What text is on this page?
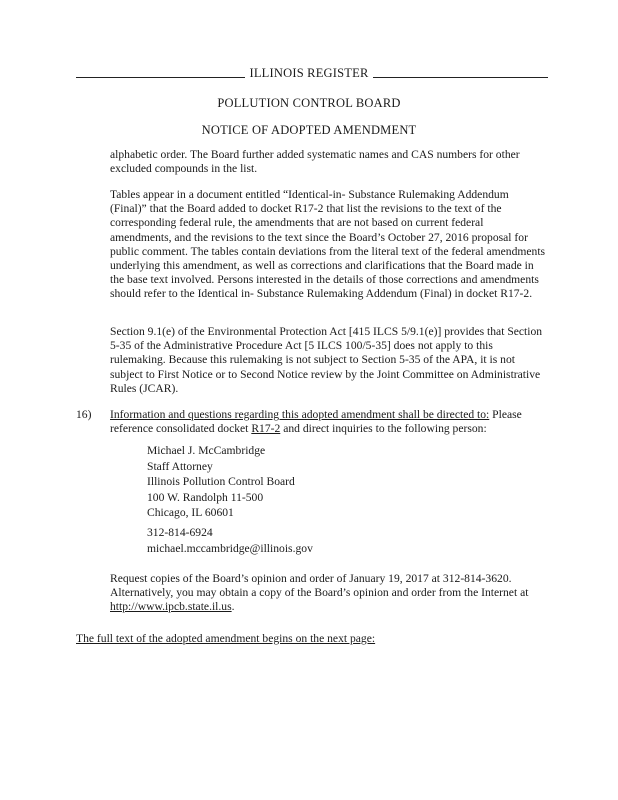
ILLINOIS REGISTER
POLLUTION CONTROL BOARD
NOTICE OF ADOPTED AMENDMENT

alphabetic order. The Board further added systematic names and CAS numbers for other excluded compounds in the list.

Tables appear in a document entitled “Identical-in- Substance Rulemaking Addendum (Final)” that the Board added to docket R17-2 that list the revisions to the text of the corresponding federal rule, the amendments that are not based on current federal amendments, and the revisions to the text since the Board’s October 27, 2016 proposal for public comment. The tables contain deviations from the literal text of the federal amendments underlying this amendment, as well as corrections and clarifications that the Board made in the base text involved. Persons interested in the details of those corrections and amendments should refer to the Identical in- Substance Rulemaking Addendum (Final) in docket R17-2.

Section 9.1(e) of the Environmental Protection Act [415 ILCS 5/9.1(e)] provides that Section 5-35 of the Administrative Procedure Act [5 ILCS 100/5-35] does not apply to this rulemaking. Because this rulemaking is not subject to Section 5-35 of the APA, it is not subject to First Notice or to Second Notice review by the Joint Committee on Administrative Rules (JCAR).

16) Information and questions regarding this adopted amendment shall be directed to: Please reference consolidated docket R17-2 and direct inquiries to the following person:

Michael J. McCambridge
Staff Attorney
Illinois Pollution Control Board
100 W. Randolph 11-500
Chicago, IL 60601
312-814-6924
michael.mccambridge@illinois.gov

Request copies of the Board’s opinion and order of January 19, 2017 at 312-814-3620. Alternatively, you may obtain a copy of the Board’s opinion and order from the Internet at http://www.ipcb.state.il.us.

The full text of the adopted amendment begins on the next page:
